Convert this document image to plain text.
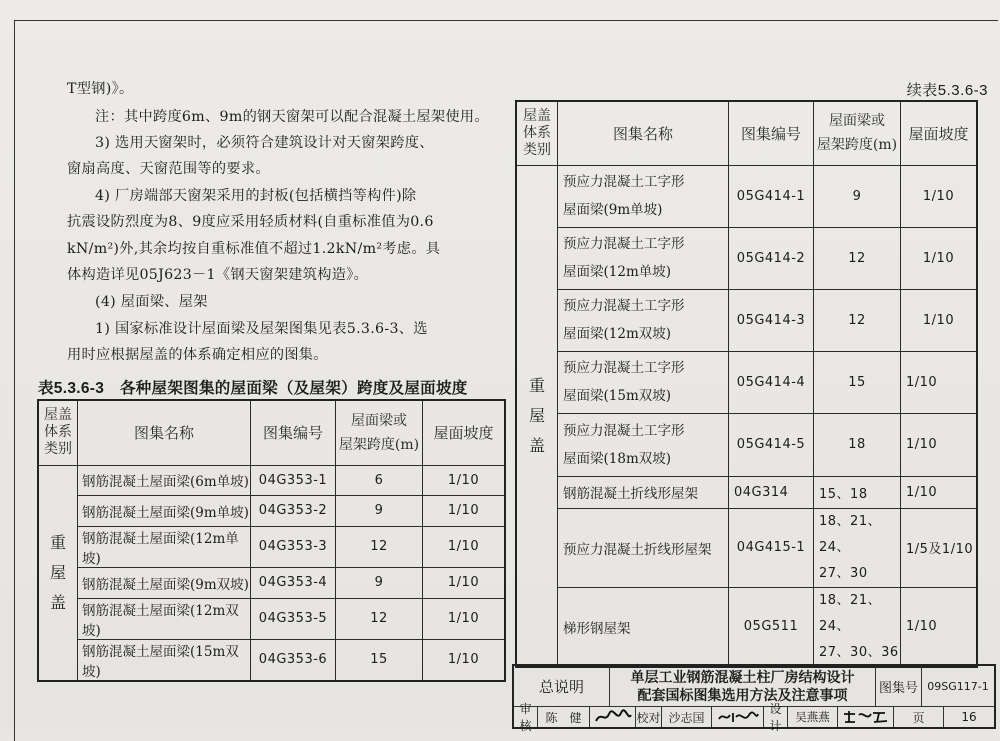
T型钢)》。
注：其中跨度6m、9m的钢天窗架可以配合混凝土屋架使用。
3) 选用天窗架时，必须符合建筑设计对天窗架跨度、
窗扇高度、天窗范围等的要求。
4) 厂房端部天窗架采用的封板(包括横挡等构件)除
抗震设防烈度为8、9度应采用轻质材料(自重标准值为0.6
kN/m²)外,其余均按自重标准值不超过1.2kN/m²考虑。具
体构造详见05J623－1《钢天窗架建筑构造》。
(4) 屋面梁、屋架
1) 国家标准设计屋面梁及屋架图集见表5.3.6-3、选
用时应根据屋盖的体系确定相应的图集。
表5.3.6-3　各种屋架图集的屋面梁（及屋架）跨度及屋面坡度
屋盖
体系
类别	图集名称	图集编号	屋面梁或
屋架跨度(m)	屋面坡度
重
屋
盖	钢筋混凝土屋面梁(6m单坡)	04G353-1	6	1/10
	钢筋混凝土屋面梁(9m单坡)	04G353-2	9	1/10
	钢筋混凝土屋面梁(12m单坡)	04G353-3	12	1/10
	钢筋混凝土屋面梁(9m双坡)	04G353-4	9	1/10
	钢筋混凝土屋面梁(12m双坡)	04G353-5	12	1/10
	钢筋混凝土屋面梁(15m双坡)	04G353-6	15	1/10
续表5.3.6-3
屋盖
体系
类别	图集名称	图集编号	屋面梁或
屋架跨度(m)	屋面坡度
重
屋
盖	预应力混凝土工字形
屋面梁(9m单坡)	05G414-1	9	1/10
	预应力混凝土工字形
屋面梁(12m单坡)	05G414-2	12	1/10
	预应力混凝土工字形
屋面梁(12m双坡)	05G414-3	12	1/10
	预应力混凝土工字形
屋面梁(15m双坡)	05G414-4	15	1/10
	预应力混凝土工字形
屋面梁(18m双坡)	05G414-5	18	1/10
	钢筋混凝土折线形屋架	04G314	15、18	1/10
	预应力混凝土折线形屋架	04G415-1	18、21、24、
27、30	1/5及1/10
	梯形钢屋架	05G511	18、21、24、
27、30、36	1/10
总说明
单层工业钢筋混凝土柱厂房结构设计
配套国标图集选用方法及注意事项 图集号 09SG117-1
审核
陈　健	校对 沙志国
设计
吴燕燕	页	16
